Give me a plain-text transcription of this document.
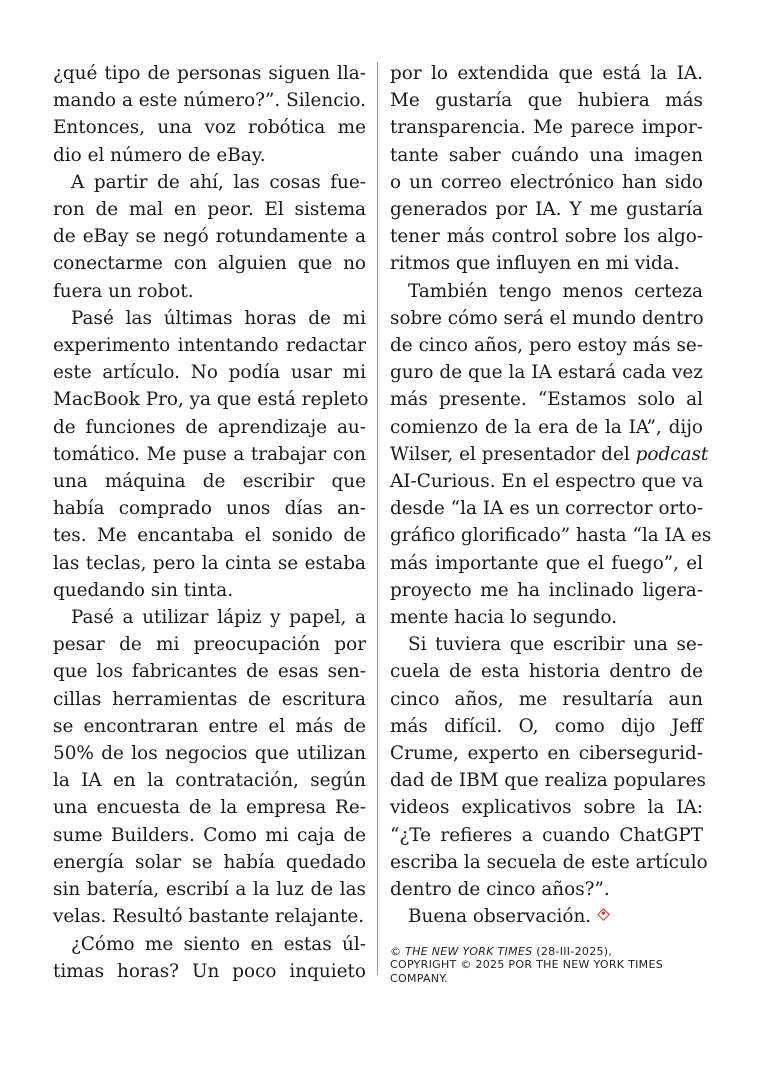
¿qué tipo de personas siguen lla-
mando a este número?”. Silencio.
Entonces, una voz robótica me
dio el número de eBay.
A partir de ahí, las cosas fue-
ron de mal en peor. El sistema
de eBay se negó rotundamente a
conectarme con alguien que no
fuera un robot.
Pasé las últimas horas de mi
experimento intentando redactar
este artículo. No podía usar mi
MacBook Pro, ya que está repleto
de funciones de aprendizaje au-
tomático. Me puse a trabajar con
una máquina de escribir que
había comprado unos días an-
tes. Me encantaba el sonido de
las teclas, pero la cinta se estaba
quedando sin tinta.
Pasé a utilizar lápiz y papel, a
pesar de mi preocupación por
que los fabricantes de esas sen-
cillas herramientas de escritura
se encontraran entre el más de
50% de los negocios que utilizan
la IA en la contratación, según
una encuesta de la empresa Re-
sume Builders. Como mi caja de
energía solar se había quedado
sin batería, escribí a la luz de las
velas. Resultó bastante relajante.
¿Cómo me siento en estas úl-
timas horas? Un poco inquieto
por lo extendida que está la IA.
Me gustaría que hubiera más
transparencia. Me parece impor-
tante saber cuándo una imagen
o un correo electrónico han sido
generados por IA. Y me gustaría
tener más control sobre los algo-
ritmos que influyen en mi vida.
También tengo menos certeza
sobre cómo será el mundo dentro
de cinco años, pero estoy más se-
guro de que la IA estará cada vez
más presente. “Estamos solo al
comienzo de la era de la IA”, dijo
Wilser, el presentador del podcast
AI-Curious. En el espectro que va
desde “la IA es un corrector orto-
gráfico glorificado” hasta “la IA es
más importante que el fuego”, el
proyecto me ha inclinado ligera-
mente hacia lo segundo.
Si tuviera que escribir una se-
cuela de esta historia dentro de
cinco años, me resultaría aun
más difícil. O, como dijo Jeff
Crume, experto en cibersegurid-
dad de IBM que realiza populares
videos explicativos sobre la IA:
“¿Te refieres a cuando ChatGPT
escriba la secuela de este artículo
dentro de cinco años?”.
Buena observación.
© THE NEW YORK TIMES (28-III-2025),
COPYRIGHT © 2025 POR THE NEW YORK TIMES
COMPANY.
